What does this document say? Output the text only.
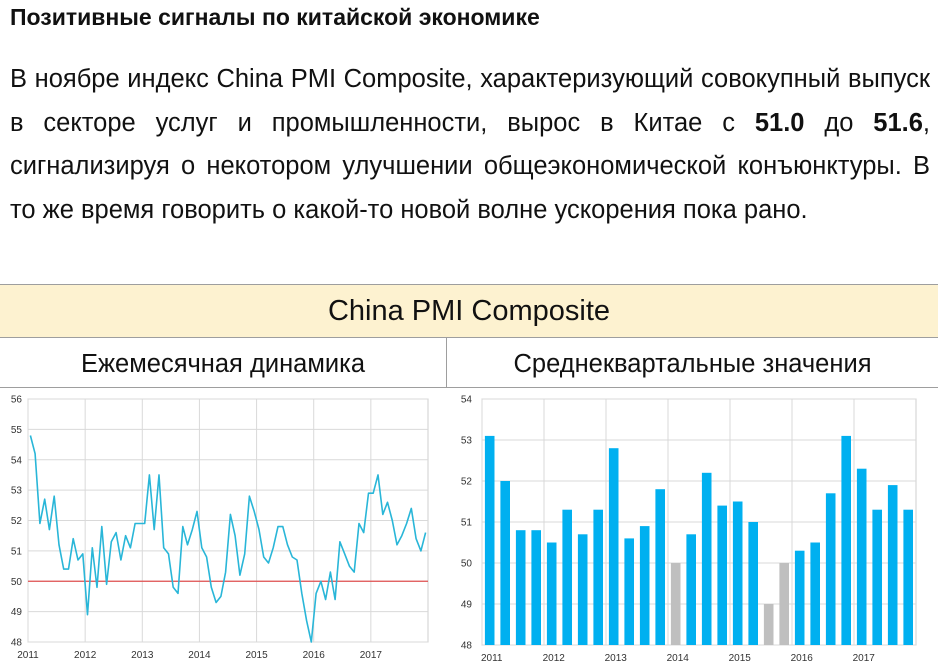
Позитивные сигналы по китайской экономике
В ноябре индекс China PMI Composite, характеризующий совокупный выпуск в секторе услуг и промышленности, вырос в Китае с 51.0 до 51.6, сигнализируя о некотором улучшении общеэкономической конъюнктуры. В то же время говорить о какой-то новой волне ускорения пока рано.
China PMI Composite
Ежемесячная динамика	Среднеквартальные значения
48
49
50
51
52
53
54
55
56
2011	2012	2013	2014	2015	2016	2017
48
49
50
51
52
53
54
2011	2012	2013	2014	2015	2016	2017
